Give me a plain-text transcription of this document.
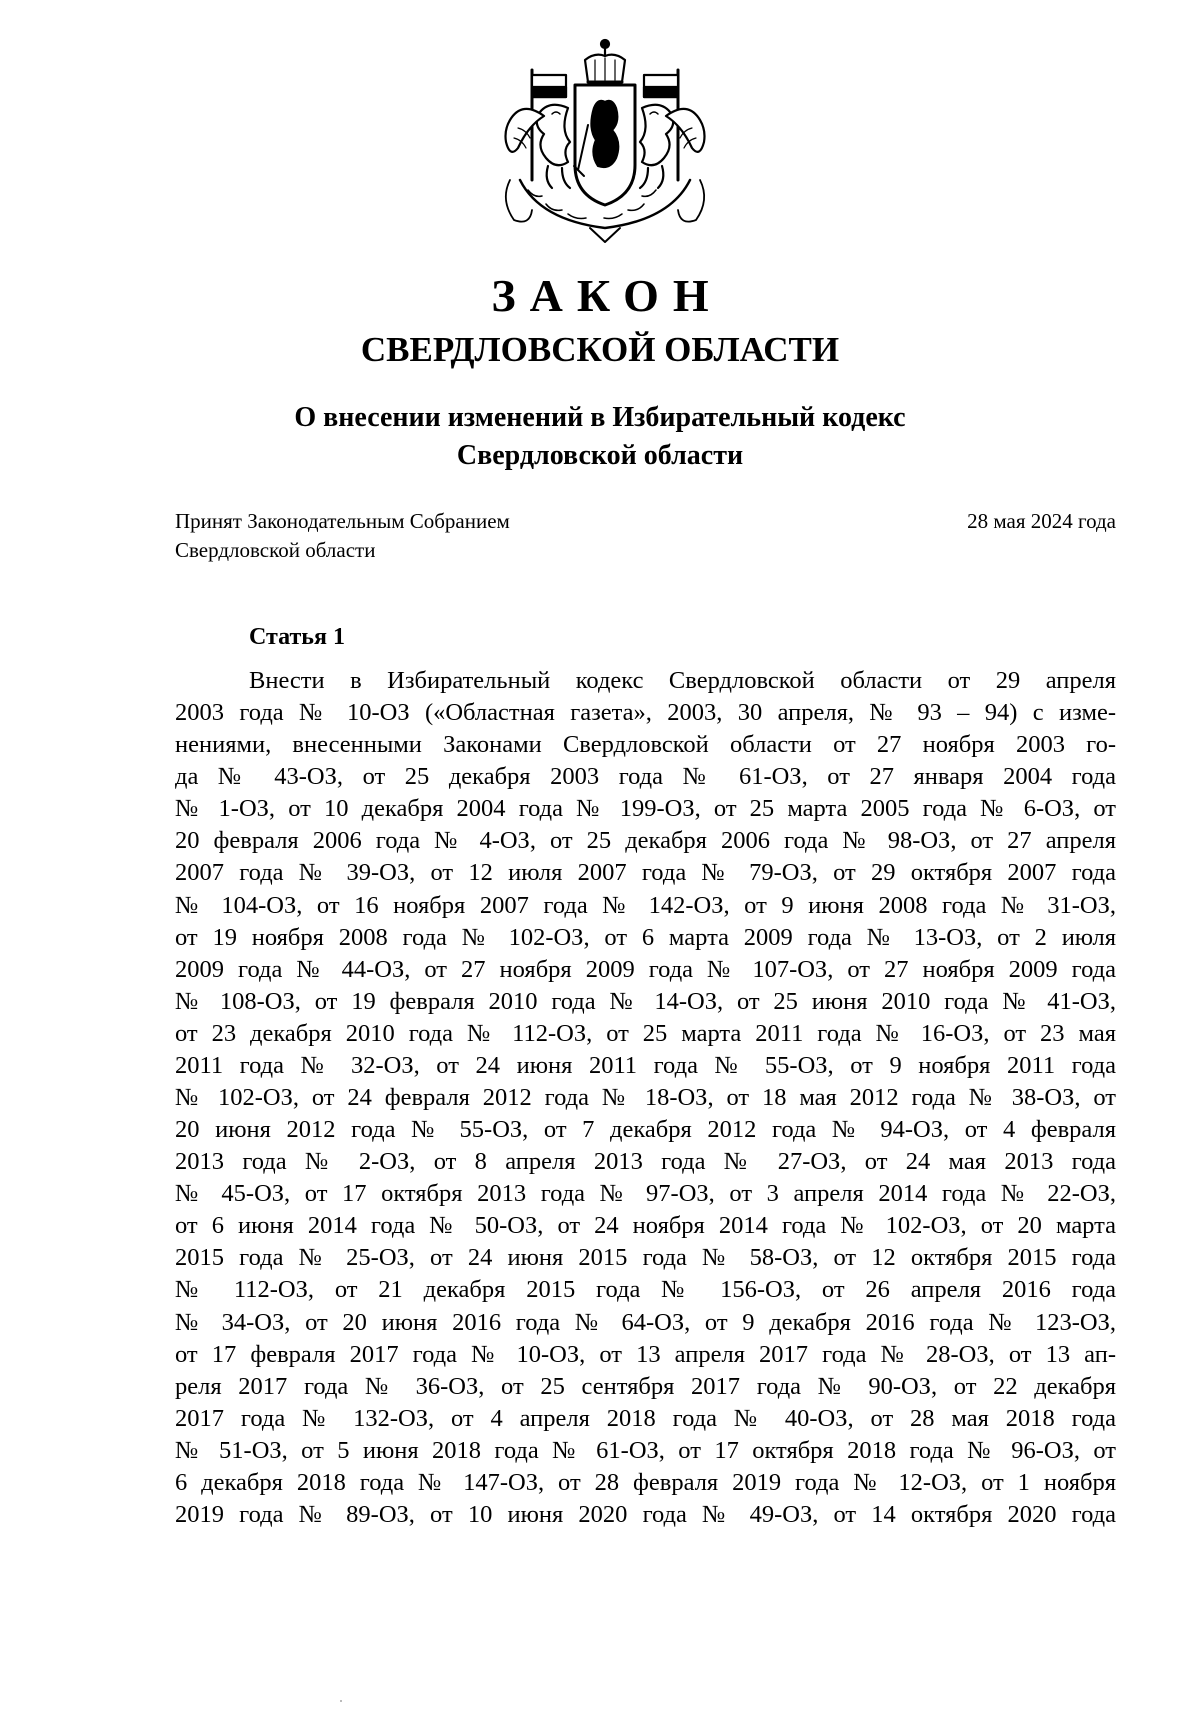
ЗАКОН
СВЕРДЛОВСКОЙ ОБЛАСТИ
О внесении изменений в Избирательный кодекс
Свердловской области
Принят Законодательным Собранием
Свердловской области
28 мая 2024 года
Статья 1
Внести в Избирательный кодекс Свердловской области от 29 апреля
2003 года № 10-ОЗ («Областная газета», 2003, 30 апреля, № 93 – 94) с изме-
нениями, внесенными Законами Свердловской области от 27 ноября 2003 го-
да № 43-ОЗ, от 25 декабря 2003 года № 61-ОЗ, от 27 января 2004 года
№ 1-ОЗ, от 10 декабря 2004 года № 199-ОЗ, от 25 марта 2005 года № 6-ОЗ, от
20 февраля 2006 года № 4-ОЗ, от 25 декабря 2006 года № 98-ОЗ, от 27 апреля
2007 года № 39-ОЗ, от 12 июля 2007 года № 79-ОЗ, от 29 октября 2007 года
№ 104-ОЗ, от 16 ноября 2007 года № 142-ОЗ, от 9 июня 2008 года № 31-ОЗ,
от 19 ноября 2008 года № 102-ОЗ, от 6 марта 2009 года № 13-ОЗ, от 2 июля
2009 года № 44-ОЗ, от 27 ноября 2009 года № 107-ОЗ, от 27 ноября 2009 года
№ 108-ОЗ, от 19 февраля 2010 года № 14-ОЗ, от 25 июня 2010 года № 41-ОЗ,
от 23 декабря 2010 года № 112-ОЗ, от 25 марта 2011 года № 16-ОЗ, от 23 мая
2011 года № 32-ОЗ, от 24 июня 2011 года № 55-ОЗ, от 9 ноября 2011 года
№ 102-ОЗ, от 24 февраля 2012 года № 18-ОЗ, от 18 мая 2012 года № 38-ОЗ, от
20 июня 2012 года № 55-ОЗ, от 7 декабря 2012 года № 94-ОЗ, от 4 февраля
2013 года № 2-ОЗ, от 8 апреля 2013 года № 27-ОЗ, от 24 мая 2013 года
№ 45-ОЗ, от 17 октября 2013 года № 97-ОЗ, от 3 апреля 2014 года № 22-ОЗ,
от 6 июня 2014 года № 50-ОЗ, от 24 ноября 2014 года № 102-ОЗ, от 20 марта
2015 года № 25-ОЗ, от 24 июня 2015 года № 58-ОЗ, от 12 октября 2015 года
№ 112-ОЗ, от 21 декабря 2015 года № 156-ОЗ, от 26 апреля 2016 года
№ 34-ОЗ, от 20 июня 2016 года № 64-ОЗ, от 9 декабря 2016 года № 123-ОЗ,
от 17 февраля 2017 года № 10-ОЗ, от 13 апреля 2017 года № 28-ОЗ, от 13 ап-
реля 2017 года № 36-ОЗ, от 25 сентября 2017 года № 90-ОЗ, от 22 декабря
2017 года № 132-ОЗ, от 4 апреля 2018 года № 40-ОЗ, от 28 мая 2018 года
№ 51-ОЗ, от 5 июня 2018 года № 61-ОЗ, от 17 октября 2018 года № 96-ОЗ, от
6 декабря 2018 года № 147-ОЗ, от 28 февраля 2019 года № 12-ОЗ, от 1 ноября
2019 года № 89-ОЗ, от 10 июня 2020 года № 49-ОЗ, от 14 октября 2020 года
